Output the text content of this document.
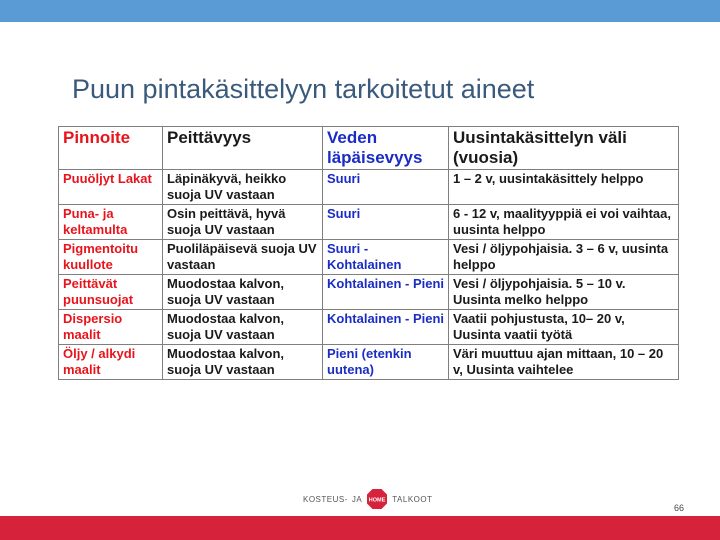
Puun pintakäsittelyyn tarkoitetut aineet
Pinnoite	Peittävyys	Veden läpäisevyys	Uusintakäsittelyn väli (vuosia)
Puuöljyt Lakat	Läpinäkyvä, heikko suoja UV vastaan	Suuri	1 – 2 v, uusintakäsittely helppo
Puna- ja keltamulta	Osin peittävä, hyvä suoja UV vastaan	Suuri	6 - 12 v, maalityyppiä ei voi vaihtaa, uusinta helppo
Pigmentoitu kuullote	Puoliläpäisevä suoja UV vastaan	Suuri - Kohtalainen	Vesi / öljypohjaisia. 3 – 6 v, uusinta helppo
Peittävät puunsuojat	Muodostaa kalvon, suoja UV vastaan	Kohtalainen - Pieni	Vesi / öljypohjaisia. 5 – 10 v. Uusinta melko helppo
Dispersio maalit	Muodostaa kalvon, suoja UV vastaan	Kohtalainen - Pieni	Vaatii pohjustusta, 10– 20 v, Uusinta vaatii työtä
Öljy / alkydi maalit	Muodostaa kalvon, suoja UV vastaan	Pieni (etenkin uutena)	Väri muuttuu ajan mittaan, 10 – 20 v, Uusinta vaihtelee
KOSTEUS- JA HOME TALKOOT
66
